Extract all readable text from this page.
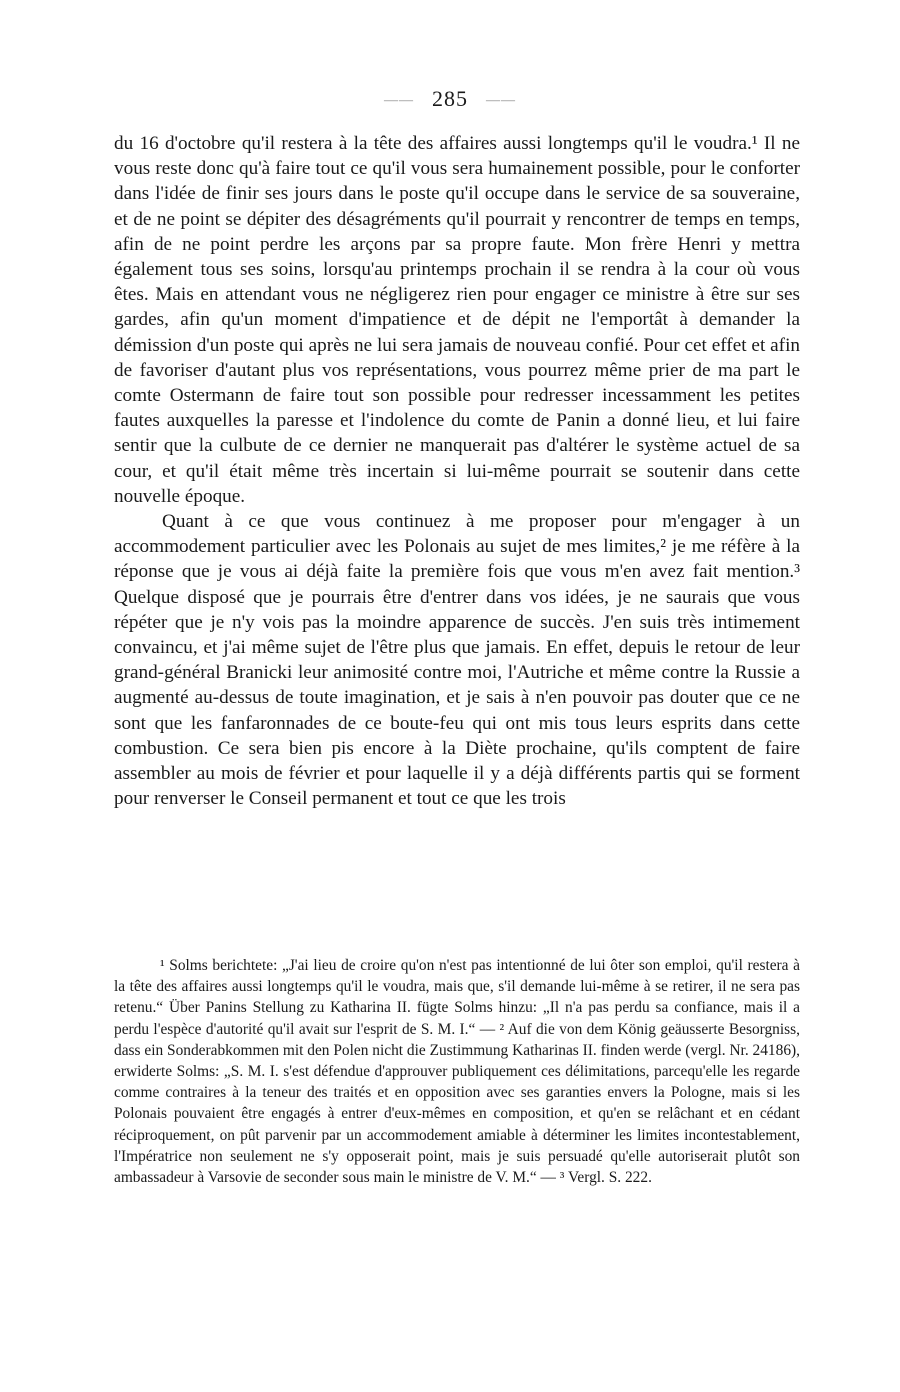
—— 285 ——

du 16 d'octobre qu'il restera à la tête des affaires aussi longtemps qu'il le voudra.¹ Il ne vous reste donc qu'à faire tout ce qu'il vous sera humainement possible, pour le conforter dans l'idée de finir ses jours dans le poste qu'il occupe dans le service de sa souveraine, et de ne point se dépiter des désagréments qu'il pourrait y rencontrer de temps en temps, afin de ne point perdre les arçons par sa propre faute. Mon frère Henri y mettra également tous ses soins, lorsqu'au printemps prochain il se rendra à la cour où vous êtes. Mais en attendant vous ne négligerez rien pour engager ce ministre à être sur ses gardes, afin qu'un moment d'impatience et de dépit ne l'emportât à demander la démission d'un poste qui après ne lui sera jamais de nouveau confié. Pour cet effet et afin de favoriser d'autant plus vos représentations, vous pourrez même prier de ma part le comte Ostermann de faire tout son possible pour redresser incessamment les petites fautes auxquelles la paresse et l'indolence du comte de Panin a donné lieu, et lui faire sentir que la culbute de ce dernier ne manquerait pas d'altérer le système actuel de sa cour, et qu'il était même très incertain si lui-même pourrait se soutenir dans cette nouvelle époque.

Quant à ce que vous continuez à me proposer pour m'engager à un accommodement particulier avec les Polonais au sujet de mes limites,² je me réfère à la réponse que je vous ai déjà faite la première fois que vous m'en avez fait mention.³ Quelque disposé que je pourrais être d'entrer dans vos idées, je ne saurais que vous répéter que je n'y vois pas la moindre apparence de succès. J'en suis très intimement convaincu, et j'ai même sujet de l'être plus que jamais. En effet, depuis le retour de leur grand-général Branicki leur animosité contre moi, l'Autriche et même contre la Russie a augmenté au-dessus de toute imagination, et je sais à n'en pouvoir pas douter que ce ne sont que les fanfaronnades de ce boute-feu qui ont mis tous leurs esprits dans cette combustion. Ce sera bien pis encore à la Diète prochaine, qu'ils comptent de faire assembler au mois de février et pour laquelle il y a déjà différents partis qui se forment pour renverser le Conseil permanent et tout ce que les trois

¹ Solms berichtete: „J'ai lieu de croire qu'on n'est pas intentionné de lui ôter son emploi, qu'il restera à la tête des affaires aussi longtemps qu'il le voudra, mais que, s'il demande lui-même à se retirer, il ne sera pas retenu.“ Über Panins Stellung zu Katharina II. fügte Solms hinzu: „Il n'a pas perdu sa confiance, mais il a perdu l'espèce d'autorité qu'il avait sur l'esprit de S. M. I.“ — ² Auf die von dem König geäusserte Besorgniss, dass ein Sonderabkommen mit den Polen nicht die Zustimmung Katharinas II. finden werde (vergl. Nr. 24186), erwiderte Solms: „S. M. I. s'est défendue d'approuver publiquement ces délimitations, parcequ'elle les regarde comme contraires à la teneur des traités et en opposition avec ses garanties envers la Pologne, mais si les Polonais pouvaient être engagés à entrer d'eux-mêmes en composition, et qu'en se relâchant et en cédant réciproquement, on pût parvenir par un accommodement amiable à déterminer les limites incontestablement, l'Impératrice non seulement ne s'y opposerait point, mais je suis persuadé qu'elle autoriserait plutôt son ambassadeur à Varsovie de seconder sous main le ministre de V. M.“ — ³ Vergl. S. 222.
